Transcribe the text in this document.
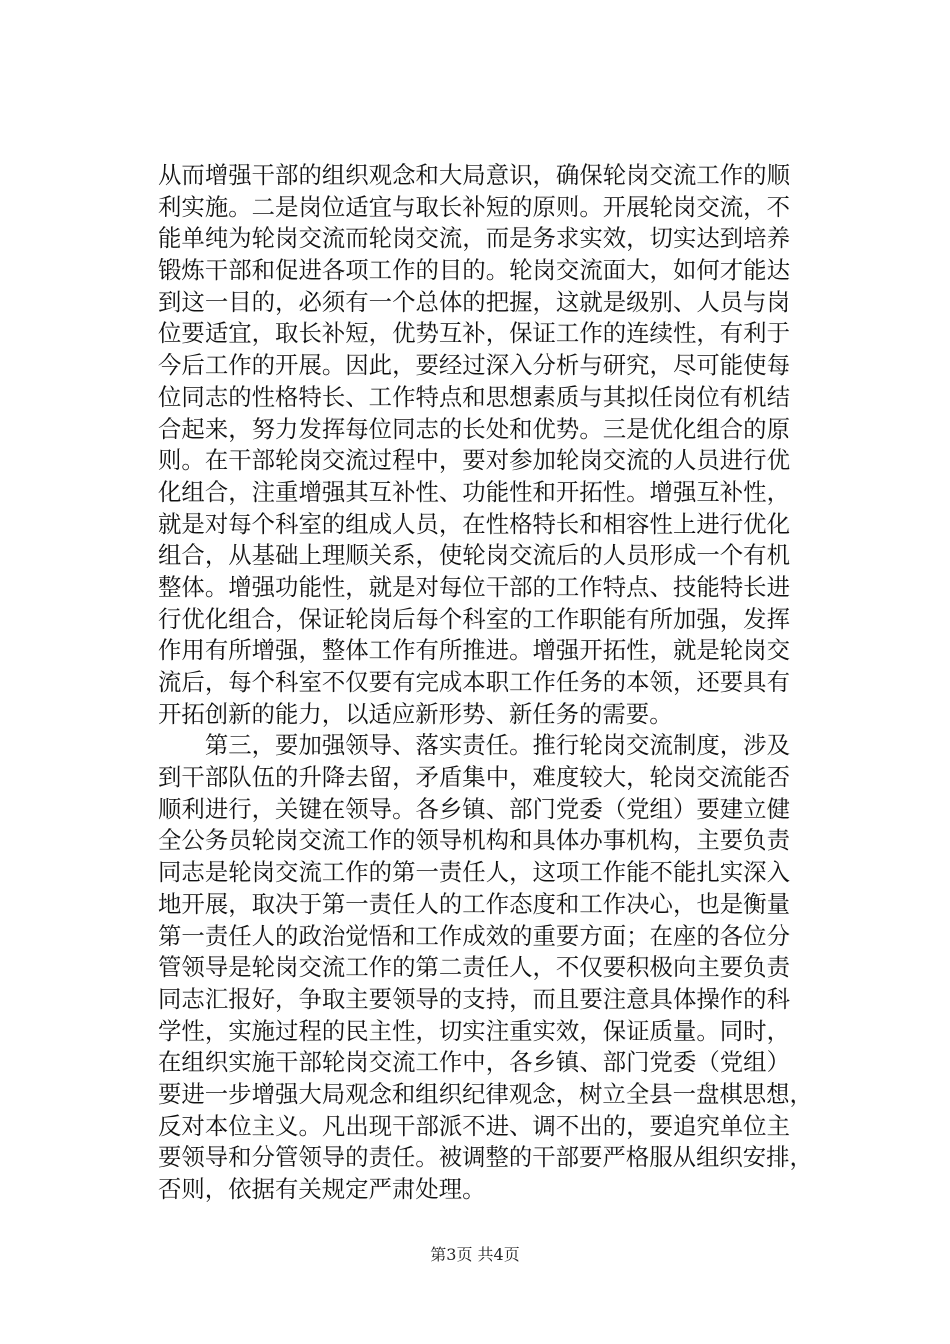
从 而 增 强 干 部 的 组 织 观 念 和 大 局 意 识 ， 确 保 轮 岗 交 流 工 作 的 顺
利 实 施 。 二 是 岗 位 适 宜 与 取 长 补 短 的 原 则 。 开 展 轮 岗 交 流 ， 不
能 单 纯 为 轮 岗 交 流 而 轮 岗 交 流 ， 而 是 务 求 实 效 ， 切 实 达 到 培 养
锻 炼 干 部 和 促 进 各 项 工 作 的 目 的 。 轮 岗 交 流 面 大 ， 如 何 才 能 达
到 这 一 目 的 ， 必 须 有 一 个 总 体 的 把 握 ， 这 就 是 级 别 、 人 员 与 岗
位 要 适 宜 ， 取 长 补 短 ， 优 势 互 补 ， 保 证 工 作 的 连 续 性 ， 有 利 于
今 后 工 作 的 开 展 。 因 此 ， 要 经 过 深 入 分 析 与 研 究 ， 尽 可 能 使 每
位 同 志 的 性 格 特 长 、 工 作 特 点 和 思 想 素 质 与 其 拟 任 岗 位 有 机 结
合 起 来 ， 努 力 发 挥 每 位 同 志 的 长 处 和 优 势 。 三 是 优 化 组 合 的 原
则 。 在 干 部 轮 岗 交 流 过 程 中 ， 要 对 参 加 轮 岗 交 流 的 人 员 进 行 优
化 组 合 ， 注 重 增 强 其 互 补 性 、 功 能 性 和 开 拓 性 。 增 强 互 补 性 ，
就 是 对 每 个 科 室 的 组 成 人 员 ， 在 性 格 特 长 和 相 容 性 上 进 行 优 化
组 合 ， 从 基 础 上 理 顺 关 系 ， 使 轮 岗 交 流 后 的 人 员 形 成 一 个 有 机
整 体 。 增 强 功 能 性 ， 就 是 对 每 位 干 部 的 工 作 特 点 、 技 能 特 长 进
行 优 化 组 合 ， 保 证 轮 岗 后 每 个 科 室 的 工 作 职 能 有 所 加 强 ， 发 挥
作 用 有 所 增 强 ， 整 体 工 作 有 所 推 进 。 增 强 开 拓 性 ， 就 是 轮 岗 交
流 后 ， 每 个 科 室 不 仅 要 有 完 成 本 职 工 作 任 务 的 本 领 ， 还 要 具 有
开拓创新的能力，以适应新形势、新任务的需要。

第 三 ， 要 加 强 领 导 、 落 实 责 任 。 推 行 轮 岗 交 流 制 度 ， 涉 及
到 干 部 队 伍 的 升 降 去 留 ， 矛 盾 集 中 ， 难 度 较 大 ， 轮 岗 交 流 能 否
顺 利 进 行 ， 关 键 在 领 导 。 各 乡 镇 、 部 门 党 委 （ 党 组 ） 要 建 立 健
全 公 务 员 轮 岗 交 流 工 作 的 领 导 机 构 和 具 体 办 事 机 构 ， 主 要 负 责
同 志 是 轮 岗 交 流 工 作 的 第 一 责 任 人 ， 这 项 工 作 能 不 能 扎 实 深 入
地 开 展 ， 取 决 于 第 一 责 任 人 的 工 作 态 度 和 工 作 决 心 ， 也 是 衡 量
第 一 责 任 人 的 政 治 觉 悟 和 工 作 成 效 的 重 要 方 面 ； 在 座 的 各 位 分
管 领 导 是 轮 岗 交 流 工 作 的 第 二 责 任 人 ， 不 仅 要 积 极 向 主 要 负 责
同 志 汇 报 好 ， 争 取 主 要 领 导 的 支 持 ， 而 且 要 注 意 具 体 操 作 的 科
学 性 ， 实 施 过 程 的 民 主 性 ， 切 实 注 重 实 效 ， 保 证 质 量 。 同 时 ，
在 组 织 实 施 干 部 轮 岗 交 流 工 作 中 ， 各 乡 镇 、 部 门 党 委 （ 党 组 ）
要 进 一 步 增 强 大 局 观 念 和 组 织 纪 律 观 念 ， 树 立 全 县 一 盘 棋 思 想 ，
反 对 本 位 主 义 。 凡 出 现 干 部 派 不 进 、 调 不 出 的 ， 要 追 究 单 位 主
要 领 导 和 分 管 领 导 的 责 任 。 被 调 整 的 干 部 要 严 格 服 从 组 织 安 排 ，
否则，依据有关规定严肃处理。
第3页 共4页
